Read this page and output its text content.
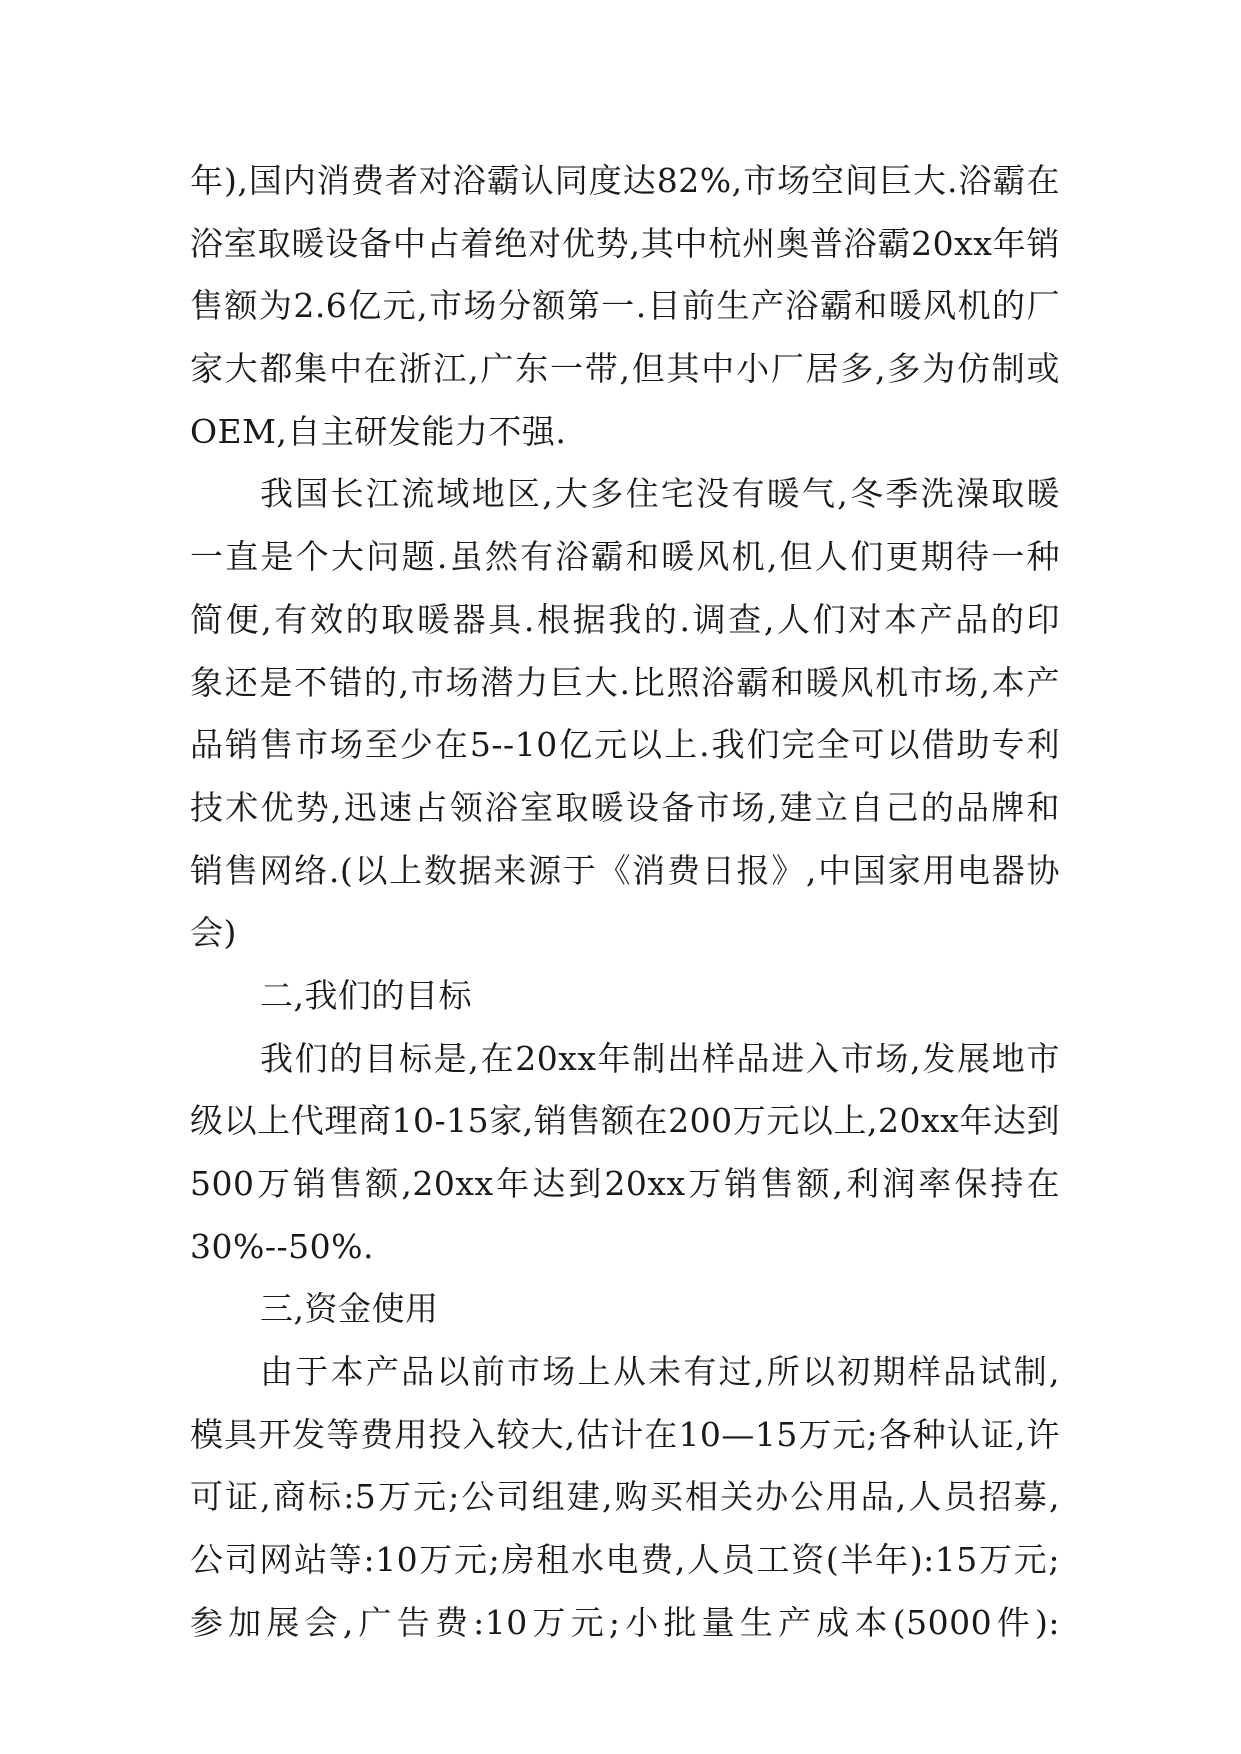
年),国内消费者对浴霸认同度达82%,市场空间巨大.浴霸在
浴室取暖设备中占着绝对优势,其中杭州奥普浴霸20xx年销
售额为2.6亿元,市场分额第一.目前生产浴霸和暖风机的厂
家大都集中在浙江,广东一带,但其中小厂居多,多为仿制或
OEM,自主研发能力不强.
我国长江流域地区,大多住宅没有暖气,冬季洗澡取暖
一直是个大问题.虽然有浴霸和暖风机,但人们更期待一种
简便,有效的取暖器具.根据我的.调查,人们对本产品的印
象还是不错的,市场潜力巨大.比照浴霸和暖风机市场,本产
品销售市场至少在5--10亿元以上.我们完全可以借助专利
技术优势,迅速占领浴室取暖设备市场,建立自己的品牌和
销售网络.(以上数据来源于《消费日报》,中国家用电器协
会)
二,我们的目标
我们的目标是,在20xx年制出样品进入市场,发展地市
级以上代理商10-15家,销售额在200万元以上,20xx年达到
500万销售额,20xx年达到20xx万销售额,利润率保持在
30%--50%.
三,资金使用
由于本产品以前市场上从未有过,所以初期样品试制,
模具开发等费用投入较大,估计在10—15万元;各种认证,许
可证,商标:5万元;公司组建,购买相关办公用品,人员招募,
公司网站等:10万元;房租水电费,人员工资(半年):15万元;
参加展会,广告费:10万元;小批量生产成本(5000件):
